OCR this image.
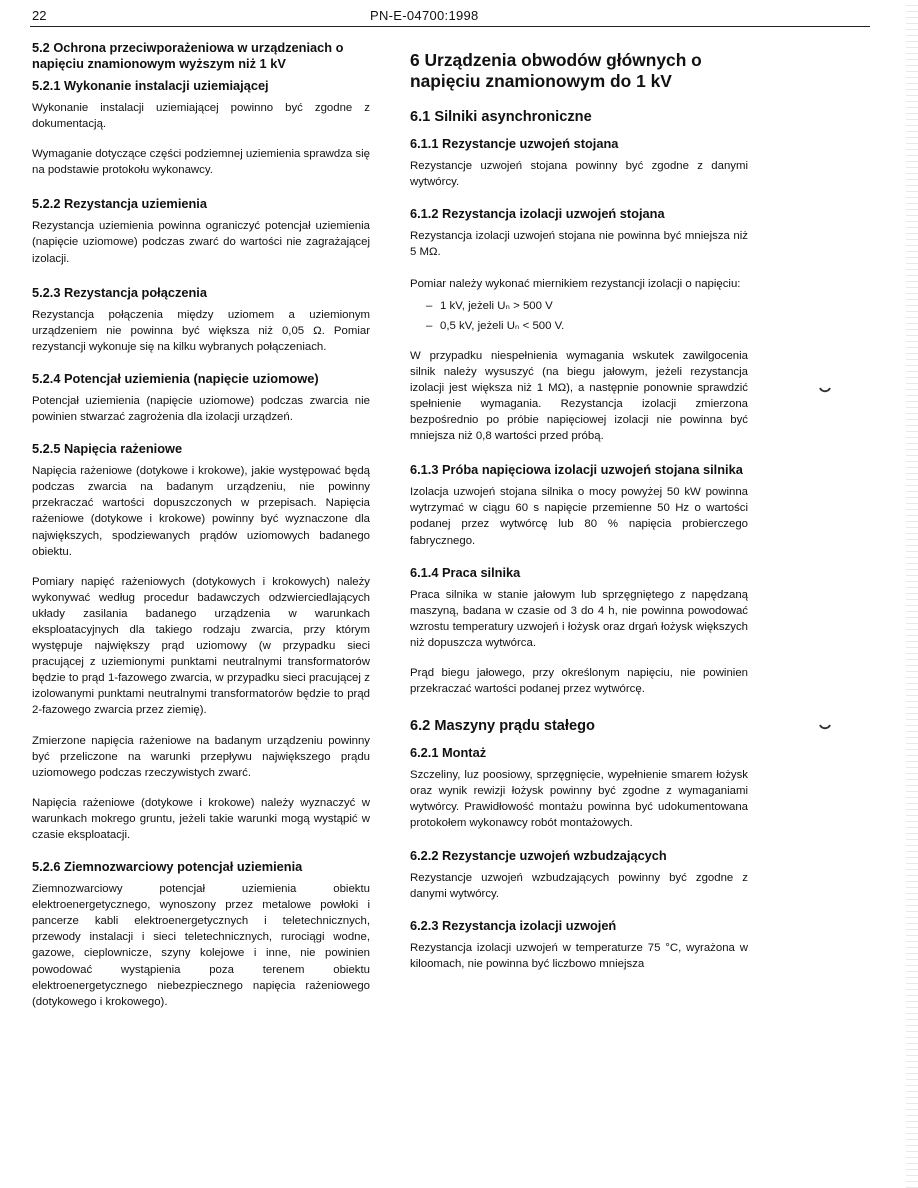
22	PN-E-04700:1998
5.2 Ochrona przeciwporażeniowa w urządzeniach o napięciu znamionowym wyższym niż 1 kV
5.2.1 Wykonanie instalacji uziemiającej

Wykonanie instalacji uziemiającej powinno być zgodne z dokumentacją.

Wymaganie dotyczące części podziemnej uziemienia sprawdza się na podstawie protokołu wykonawcy.

5.2.2 Rezystancja uziemienia

Rezystancja uziemienia powinna ograniczyć potencjał uziemienia (napięcie uziomowe) podczas zwarć do wartości nie zagrażającej izolacji.

5.2.3 Rezystancja połączenia

Rezystancja połączenia między uziomem a uziemionym urządzeniem nie powinna być większa niż 0,05 Ω. Pomiar rezystancji wykonuje się na kilku wybranych połączeniach.

5.2.4 Potencjał uziemienia (napięcie uziomowe)

Potencjał uziemienia (napięcie uziomowe) podczas zwarcia nie powinien stwarzać zagrożenia dla izolacji urządzeń.

5.2.5 Napięcia rażeniowe

Napięcia rażeniowe (dotykowe i krokowe), jakie występować będą podczas zwarcia na badanym urządzeniu, nie powinny przekraczać wartości dopuszczonych w przepisach. Napięcia rażeniowe (dotykowe i krokowe) powinny być wyznaczone dla największych, spodziewanych prądów uziomowych badanego obiektu.

Pomiary napięć rażeniowych (dotykowych i krokowych) należy wykonywać według procedur badawczych odzwierciedlających układy zasilania badanego urządzenia w warunkach eksploatacyjnych dla takiego rodzaju zwarcia, przy którym występuje największy prąd uziomowy (w przypadku sieci pracującej z uziemionymi punktami neutralnymi transformatorów będzie to prąd 1-fazowego zwarcia, w przypadku sieci pracującej z izolowanymi punktami neutralnymi transformatorów będzie to prąd 2-fazowego zwarcia przez ziemię).

Zmierzone napięcia rażeniowe na badanym urządzeniu powinny być przeliczone na warunki przepływu największego prądu uziomowego podczas rzeczywistych zwarć.

Napięcia rażeniowe (dotykowe i krokowe) należy wyznaczyć w warunkach mokrego gruntu, jeżeli takie warunki mogą wystąpić w czasie eksploatacji.

5.2.6 Ziemnozwarciowy potencjał uziemienia

Ziemnozwarciowy potencjał uziemienia obiektu elektroenergetycznego, wynoszony przez metalowe powłoki i pancerze kabli elektroenergetycznych i teletechnicznych, przewody instalacji i sieci teletechnicznych, rurociągi wodne, gazowe, cieplownicze, szyny kolejowe i inne, nie powinien powodować wystąpienia poza terenem obiektu elektroenergetycznego niebezpiecznego napięcia rażeniowego (dotykowego i krokowego).

6 Urządzenia obwodów głównych o napięciu znamionowym do 1 kV
6.1 Silniki asynchroniczne
6.1.1 Rezystancje uzwojeń stojana

Rezystancje uzwojeń stojana powinny być zgodne z danymi wytwórcy.

6.1.2 Rezystancja izolacji uzwojeń stojana

Rezystancja izolacji uzwojeń stojana nie powinna być mniejsza niż 5 MΩ.

Pomiar należy wykonać miernikiem rezystancji izolacji o napięciu:

– 1 kV, jeżeli Uₙ > 500 V
– 0,5 kV, jeżeli Uₙ < 500 V.

W przypadku niespełnienia wymagania wskutek zawilgocenia silnik należy wysuszyć (na biegu jałowym, jeżeli rezystancja izolacji jest większa niż 1 MΩ), a następnie ponownie sprawdzić spełnienie wymagania. Rezystancja izolacji zmierzona bezpośrednio po próbie napięciowej izolacji nie powinna być mniejsza niż 0,8 wartości przed próbą.

6.1.3 Próba napięciowa izolacji uzwojeń stojana silnika

Izolacja uzwojeń stojana silnika o mocy powyżej 50 kW powinna wytrzymać w ciągu 60 s napięcie przemienne 50 Hz o wartości podanej przez wytwórcę lub 80 % napięcia probierczego fabrycznego.

6.1.4 Praca silnika

Praca silnika w stanie jałowym lub sprzęgniętego z napędzaną maszyną, badana w czasie od 3 do 4 h, nie powinna powodować wzrostu temperatury uzwojeń i łożysk oraz drgań łożysk większych niż dopuszcza wytwórca.

Prąd biegu jałowego, przy określonym napięciu, nie powinien przekraczać wartości podanej przez wytwórcę.

6.2 Maszyny prądu stałego
6.2.1 Montaż

Szczeliny, luz poosiowy, sprzęgnięcie, wypełnienie smarem łożysk oraz wynik rewizji łożysk powinny być zgodne z wymaganiami wytwórcy. Prawidłowość montażu powinna być udokumentowana protokołem wykonawcy robót montażowych.

6.2.2 Rezystancje uzwojeń wzbudzających

Rezystancje uzwojeń wzbudzających powinny być zgodne z danymi wytwórcy.

6.2.3 Rezystancja izolacji uzwojeń

Rezystancja izolacji uzwojeń w temperaturze 75 °C, wyrażona w kiloomach, nie powinna być liczbowo mniejsza
